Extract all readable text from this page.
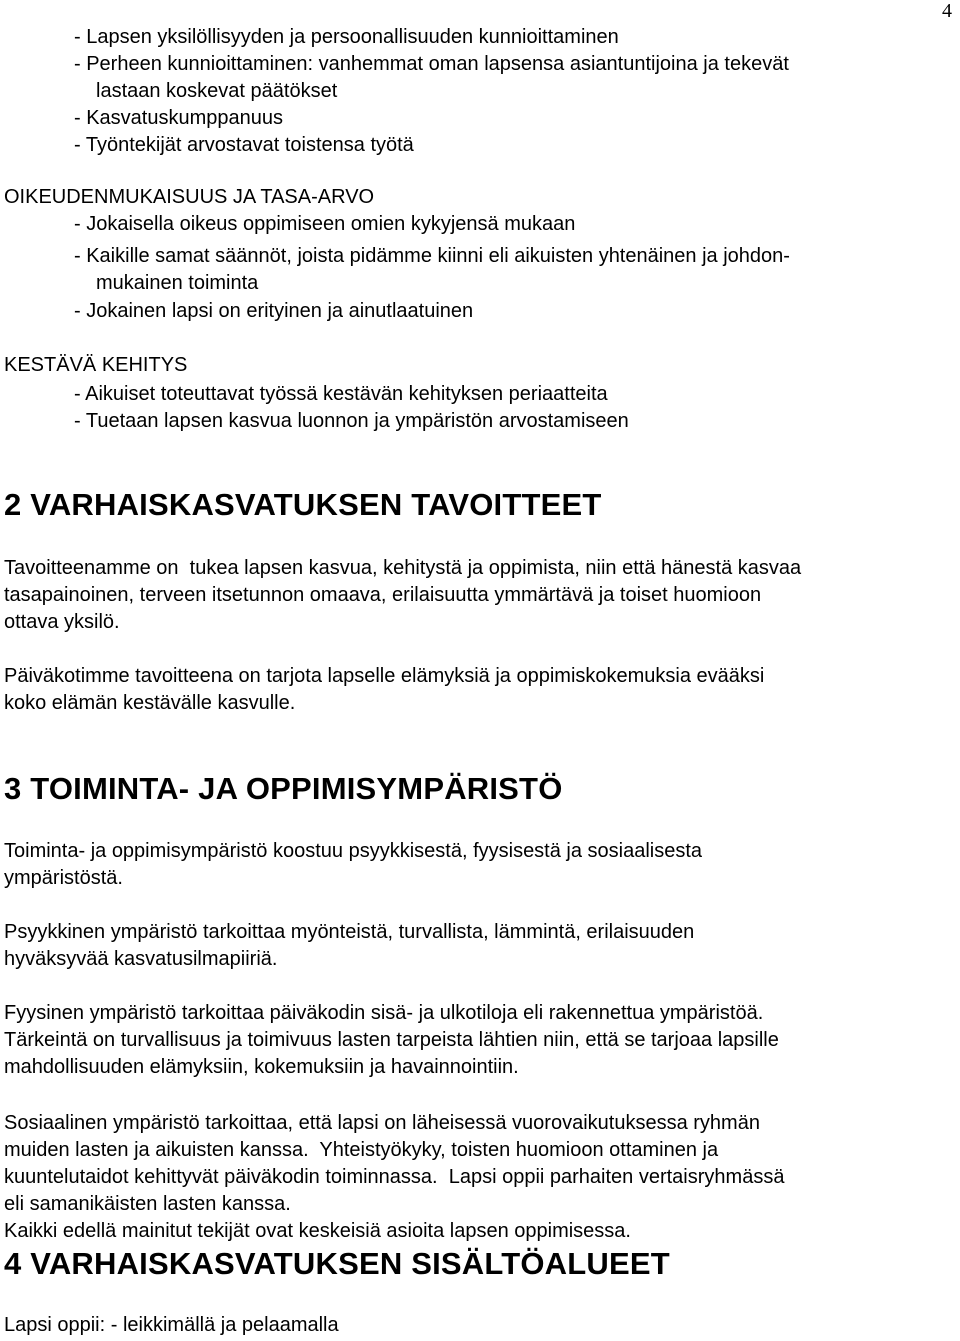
4
- Lapsen yksilöllisyyden ja persoonallisuuden kunnioittaminen
- Perheen kunnioittaminen: vanhemmat oman lapsensa asiantuntijoina ja tekevät
lastaan koskevat päätökset
- Kasvatuskumppanuus
- Työntekijät arvostavat toistensa työtä
OIKEUDENMUKAISUUS JA TASA-ARVO
- Jokaisella oikeus oppimiseen omien kykyjensä mukaan
- Kaikille samat säännöt, joista pidämme kiinni eli aikuisten yhtenäinen ja johdon-
mukainen toiminta
- Jokainen lapsi on erityinen ja ainutlaatuinen
KESTÄVÄ KEHITYS
- Aikuiset toteuttavat työssä kestävän kehityksen periaatteita
- Tuetaan lapsen kasvua luonnon ja ympäristön arvostamiseen
2 VARHAISKASVATUKSEN TAVOITTEET
Tavoitteenamme on  tukea lapsen kasvua, kehitystä ja oppimista, niin että hänestä kasvaa
tasapainoinen, terveen itsetunnon omaava, erilaisuutta ymmärtävä ja toiset huomioon
ottava yksilö.
Päiväkotimme tavoitteena on tarjota lapselle elämyksiä ja oppimiskokemuksia evääksi
koko elämän kestävälle kasvulle.
3 TOIMINTA- JA OPPIMISYMPÄRISTÖ
Toiminta- ja oppimisympäristö koostuu psyykkisestä, fyysisestä ja sosiaalisesta
ympäristöstä.
Psyykkinen ympäristö tarkoittaa myönteistä, turvallista, lämmintä, erilaisuuden
hyväksyvää kasvatusilmapiiriä.
Fyysinen ympäristö tarkoittaa päiväkodin sisä- ja ulkotiloja eli rakennettua ympäristöä.
Tärkeintä on turvallisuus ja toimivuus lasten tarpeista lähtien niin, että se tarjoaa lapsille
mahdollisuuden elämyksiin, kokemuksiin ja havainnointiin.
Sosiaalinen ympäristö tarkoittaa, että lapsi on läheisessä vuorovaikutuksessa ryhmän
muiden lasten ja aikuisten kanssa.  Yhteistyökyky, toisten huomioon ottaminen ja
kuuntelutaidot kehittyvät päiväkodin toiminnassa.  Lapsi oppii parhaiten vertaisryhmässä
eli samanikäisten lasten kanssa.
Kaikki edellä mainitut tekijät ovat keskeisiä asioita lapsen oppimisessa.
4 VARHAISKASVATUKSEN SISÄLTÖALUEET
Lapsi oppii: - leikkimällä ja pelaamalla
